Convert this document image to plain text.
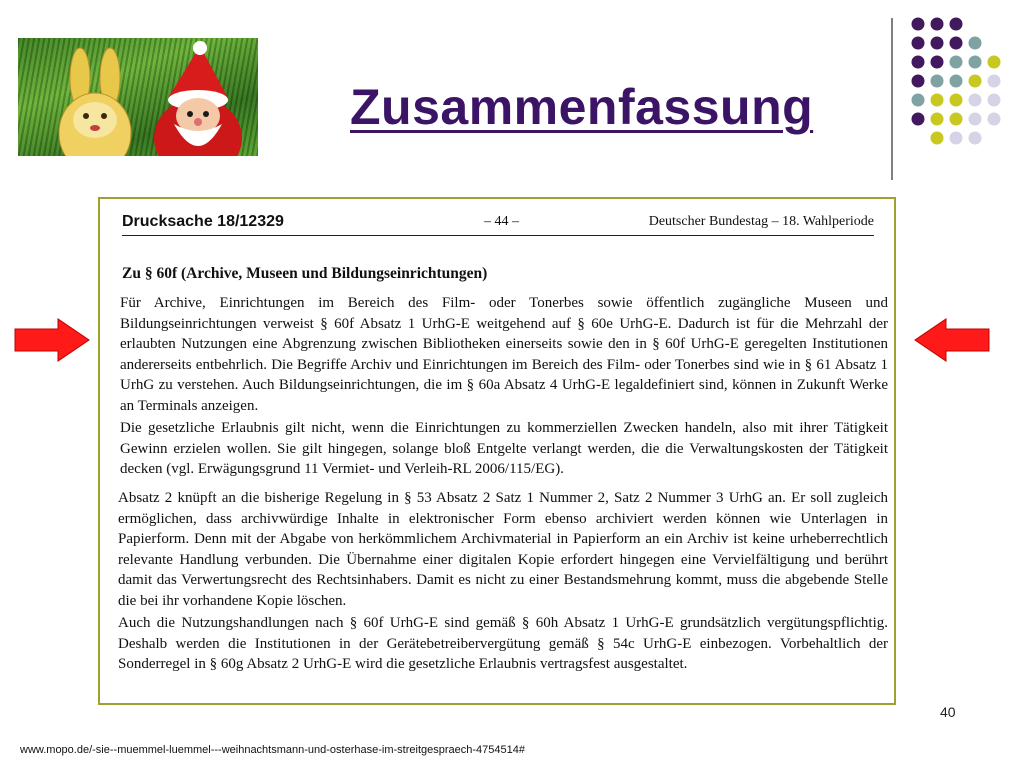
Zusammenfassung
Drucksache 18/12329	– 44 –	Deutscher Bundestag – 18. Wahlperiode
Zu § 60f (Archive, Museen und Bildungseinrichtungen)

Für Archive, Einrichtungen im Bereich des Film- oder Tonerbes sowie öffentlich zugängliche Museen und Bildungseinrichtungen verweist § 60f Absatz 1 UrhG-E weitgehend auf § 60e UrhG-E. Dadurch ist für die Mehrzahl der erlaubten Nutzungen eine Abgrenzung zwischen Bibliotheken einerseits sowie den in § 60f UrhG-E geregelten Institutionen andererseits entbehrlich. Die Begriffe Archiv und Einrichtungen im Bereich des Film- oder Tonerbes sind wie in § 61 Absatz 1 UrhG zu verstehen. Auch Bildungseinrichtungen, die im § 60a Absatz 4 UrhG-E legaldefiniert sind, können in Zukunft Werke an Terminals anzeigen.

Die gesetzliche Erlaubnis gilt nicht, wenn die Einrichtungen zu kommerziellen Zwecken handeln, also mit ihrer Tätigkeit Gewinn erzielen wollen. Sie gilt hingegen, solange bloß Entgelte verlangt werden, die die Verwaltungskosten der Tätigkeit decken (vgl. Erwägungsgrund 11 Vermiet- und Verleih-RL 2006/115/EG).

Absatz 2 knüpft an die bisherige Regelung in § 53 Absatz 2 Satz 1 Nummer 2, Satz 2 Nummer 3 UrhG an. Er soll zugleich ermöglichen, dass archivwürdige Inhalte in elektronischer Form ebenso archiviert werden können wie Unterlagen in Papierform. Denn mit der Abgabe von herkömmlichem Archivmaterial in Papierform an ein Archiv ist keine urheberrechtlich relevante Handlung verbunden. Die Übernahme einer digitalen Kopie erfordert hingegen eine Vervielfältigung und berührt damit das Verwertungsrecht des Rechtsinhabers. Damit es nicht zu einer Bestandsmehrung kommt, muss die abgebende Stelle die bei ihr vorhandene Kopie löschen.

Auch die Nutzungshandlungen nach § 60f UrhG-E sind gemäß § 60h Absatz 1 UrhG-E grundsätzlich vergütungspflichtig. Deshalb werden die Institutionen in der Gerätebetreibervergütung gemäß § 54c UrhG-E einbezogen. Vorbehaltlich der Sonderregel in § 60g Absatz 2 UrhG-E wird die gesetzliche Erlaubnis vertragsfest ausgestaltet.

40
www.mopo.de/-sie--muemmel-luemmel---weihnachtsmann-und-osterhase-im-streitgespraech-4754514#
